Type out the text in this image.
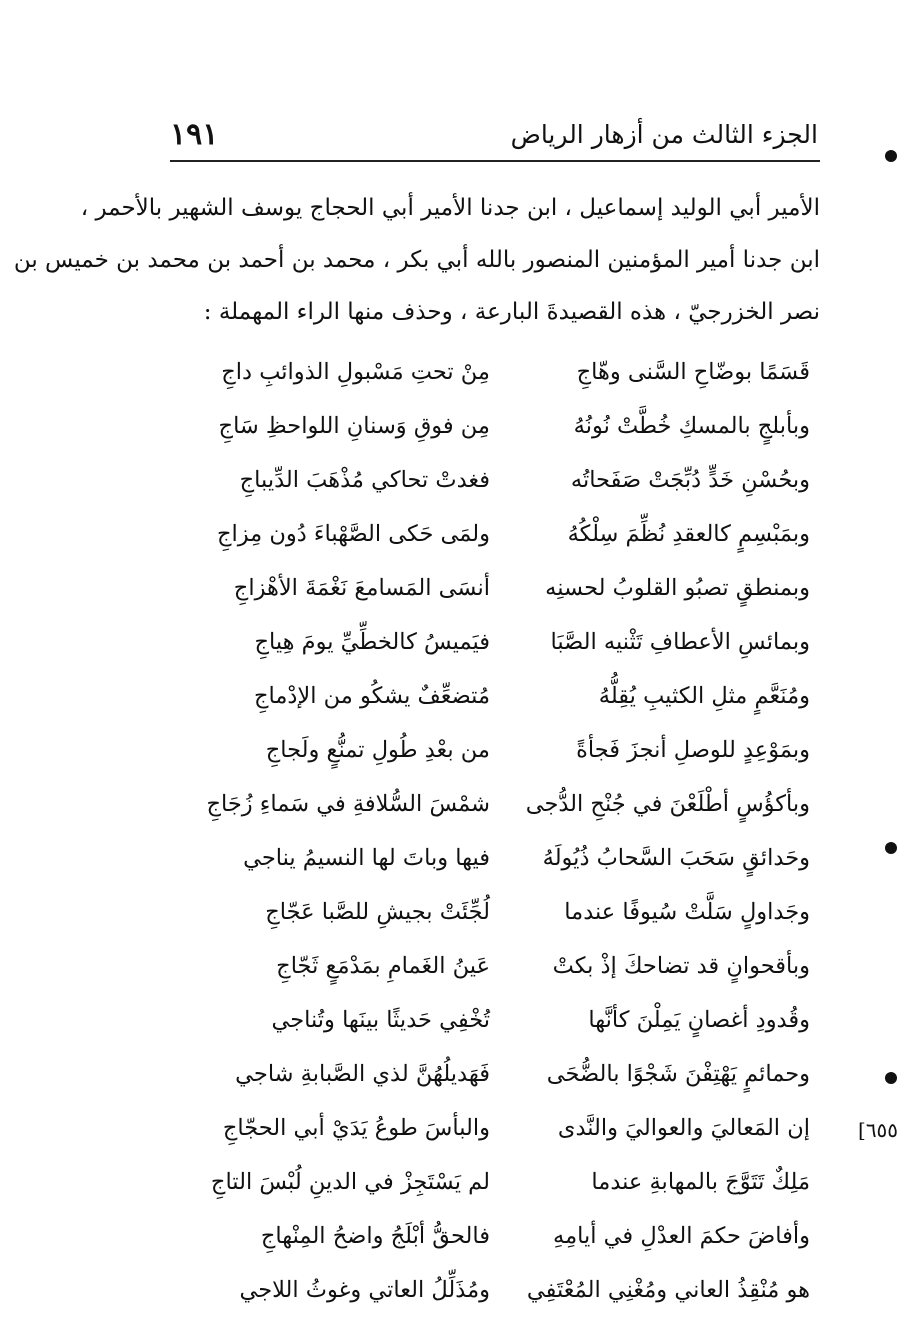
١٩١	الجزء الثالث من أزهار الرياض
الأمير أبي الوليد إسماعيل ، ابن جدنا الأمير أبي الحجاج يوسف الشهير بالأحمر ،
ابن جدنا أمير المؤمنين المنصور بالله أبي بكر ، محمد بن أحمد بن محمد بن خميس بن
نصر الخزرجيّ ، هذه القصيدةَ البارعة ، وحذف منها الراء المهملة :
قَسَمًا بوضّاحِ السَّنى وهّاجِ
مِنْ تحتِ مَسْبولِ الذوائبِ داجِ
وبأبلجٍ بالمسكِ خُطَّتْ نُونُهُ
مِن فوقِ وَسنانِ اللواحظِ سَاجِ
وبحُسْنِ خَدٍّ دُبِّجَتْ صَفَحاتُه
فغدتْ تحاكي مُذْهَبَ الدِّيباجِ
وبمَبْسِمٍ كالعقدِ نُظِّمَ سِلْكُهُ
ولمَى حَكى الصَّهْباءَ دُون مِزاجِ
وبمنطقٍ تصبُو القلوبُ لحسنِه
أنسَى المَسامعَ نَغْمَةَ الأهْزاجِ
وبمائسِ الأعطافِ تَثْنيه الصَّبَا
فيَميسُ كالخطِّيِّ يومَ هِياجِ
ومُنَعَّمٍ مثلِ الكثيبِ يُقِلُّهُ
مُتضعِّفٌ يشكُو من الإدْماجِ
وبمَوْعِدٍ للوصلِ أنجزَ فَجأةً
من بعْدِ طُولِ تمنُّعٍ ولَجاجِ
وبأكؤُسٍ أطْلَعْنَ في جُنْحِ الدُّجى
شمْسَ السُّلافةِ في سَماءِ زُجَاجِ
وحَدائقٍ سَحَبَ السَّحابُ ذُيُولَهُ
فيها وباتَ لها النسيمُ يناجي
وجَداولٍ سَلَّتْ سُيوفًا عندما
لُجِّئَتْ بجيشِ للصَّبا عَجّاجِ
وبأقحوانٍ قد تضاحكَ إذْ بكتْ
عَينُ الغَمامِ بمَدْمَعٍ ثَجّاجِ
وقُدودِ أغصانٍ يَمِلْنَ كأنَّها
تُخْفِي حَديثًا بينَها وتُناجي
وحمائمٍ يَهْتِفْنَ شَجْوًا بالضُّحَى
فَهَديلُهُنَّ لذي الصَّبابةِ شاجي
إن المَعاليَ والعواليَ والنَّدى
والبأسَ طوعُ يَدَيْ أبي الحجّاجِ
مَلِكٌ تَتَوَّجَ بالمهابةِ عندما
لم يَسْتَجِزْ في الدينِ لُبْسَ التاجِ
وأفاضَ حكمَ العدْلِ في أيامِهِ
فالحقُّ أبْلَجُ واضحُ المِنْهاجِ
هو مُنْقِذُ العاني ومُغْنِي المُعْتَفِي
ومُذَلِّلُ العاتي وغوثُ اللاجي
[٦٥٥
